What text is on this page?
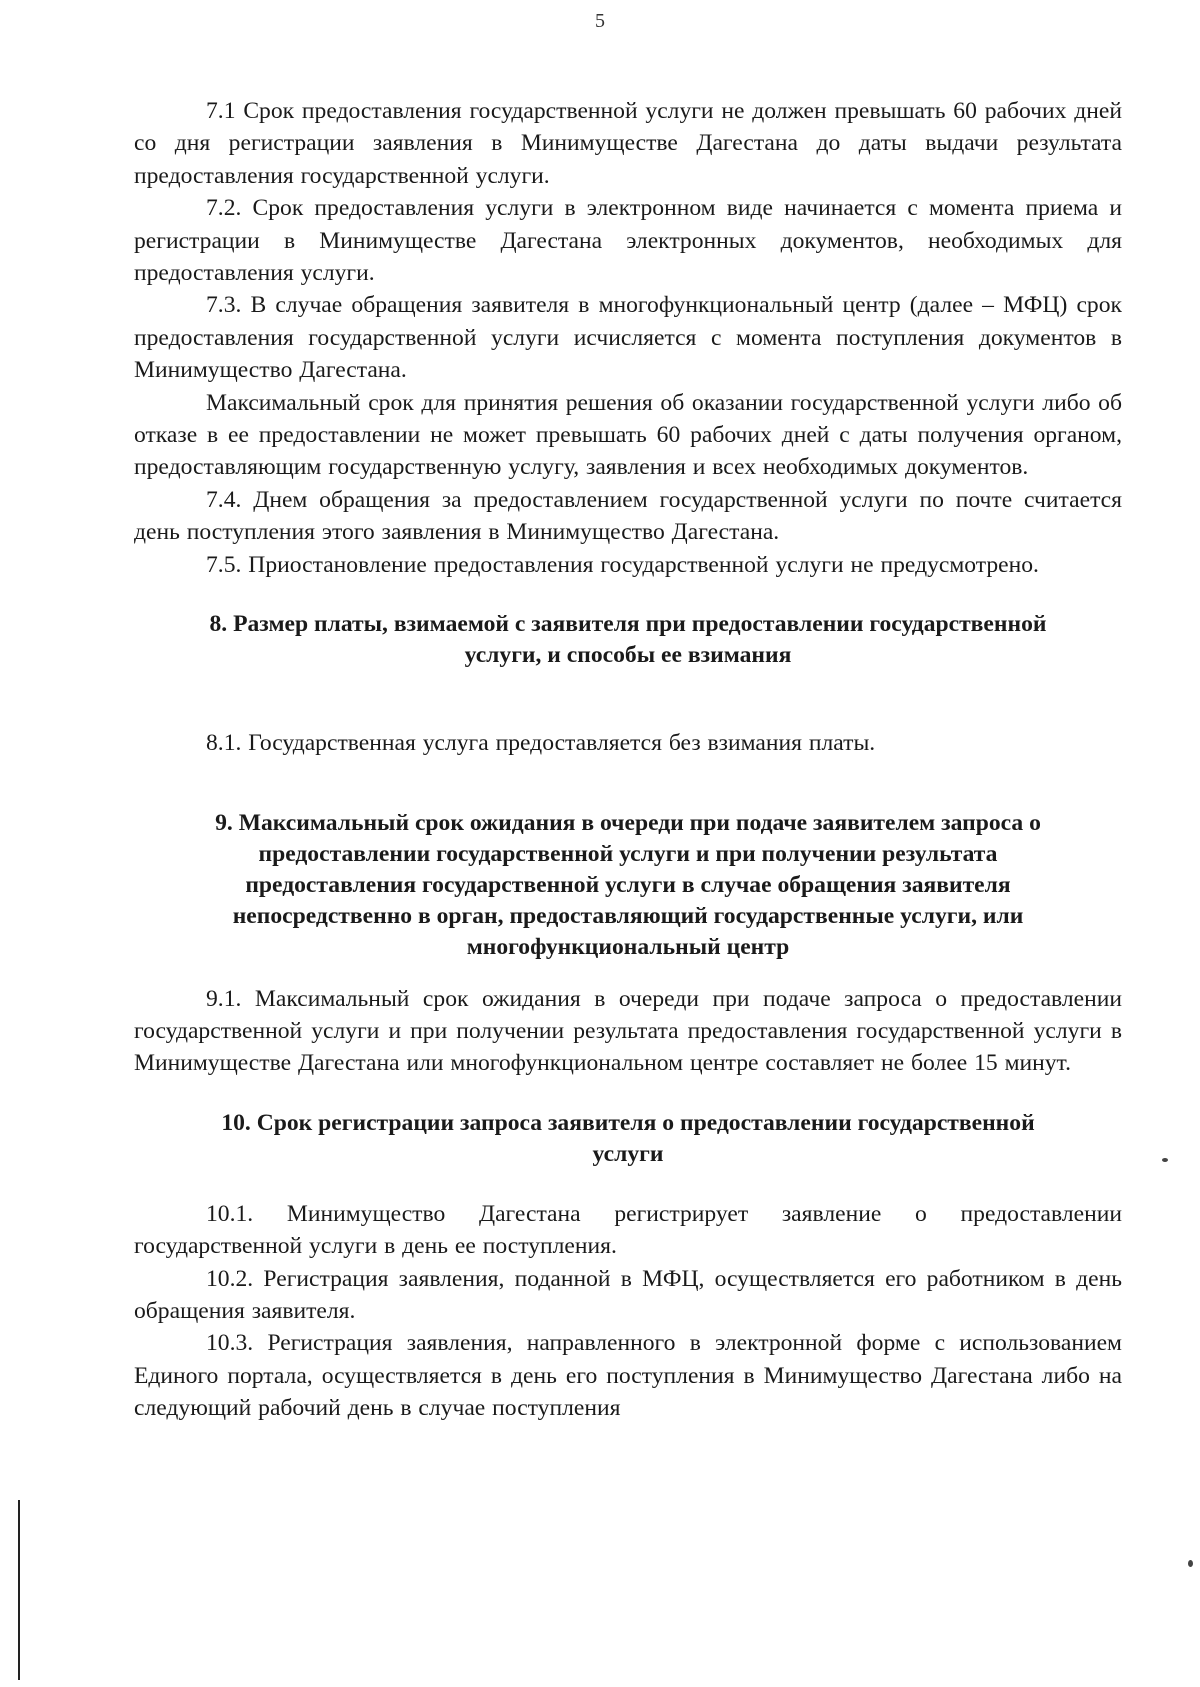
5

7.1 Срок предоставления государственной услуги не должен превышать 60 рабочих дней со дня регистрации заявления в Минимуществе Дагестана до даты выдачи результата предоставления государственной услуги.

7.2. Срок предоставления услуги в электронном виде начинается с момента приема и регистрации в Минимуществе Дагестана электронных документов, необходимых для предоставления услуги.

7.3. В случае обращения заявителя в многофункциональный центр (далее – МФЦ) срок предоставления государственной услуги исчисляется с момента поступления документов в Минимущество Дагестана.

Максимальный срок для принятия решения об оказании государственной услуги либо об отказе в ее предоставлении не может превышать 60 рабочих дней с даты получения органом, предоставляющим государственную услугу, заявления и всех необходимых документов.

7.4. Днем обращения за предоставлением государственной услуги по почте считается день поступления этого заявления в Минимущество Дагестана.

7.5. Приостановление предоставления государственной услуги не предусмотрено.

8. Размер платы, взимаемой с заявителя при предоставлении государственной услуги, и способы ее взимания

8.1. Государственная услуга предоставляется без взимания платы.

9. Максимальный срок ожидания в очереди при подаче заявителем запроса о предоставлении государственной услуги и при получении результата предоставления государственной услуги в случае обращения заявителя непосредственно в орган, предоставляющий государственные услуги, или многофункциональный центр

9.1. Максимальный срок ожидания в очереди при подаче запроса о предоставлении государственной услуги и при получении результата предоставления государственной услуги в Минимуществе Дагестана или многофункциональном центре составляет не более 15 минут.

10. Срок регистрации запроса заявителя о предоставлении государственной услуги

10.1. Минимущество Дагестана регистрирует заявление о предоставлении государственной услуги в день ее поступления.

10.2. Регистрация заявления, поданной в МФЦ, осуществляется его работником в день обращения заявителя.

10.3. Регистрация заявления, направленного в электронной форме с использованием Единого портала, осуществляется в день его поступления в Минимущество Дагестана либо на следующий рабочий день в случае поступления
